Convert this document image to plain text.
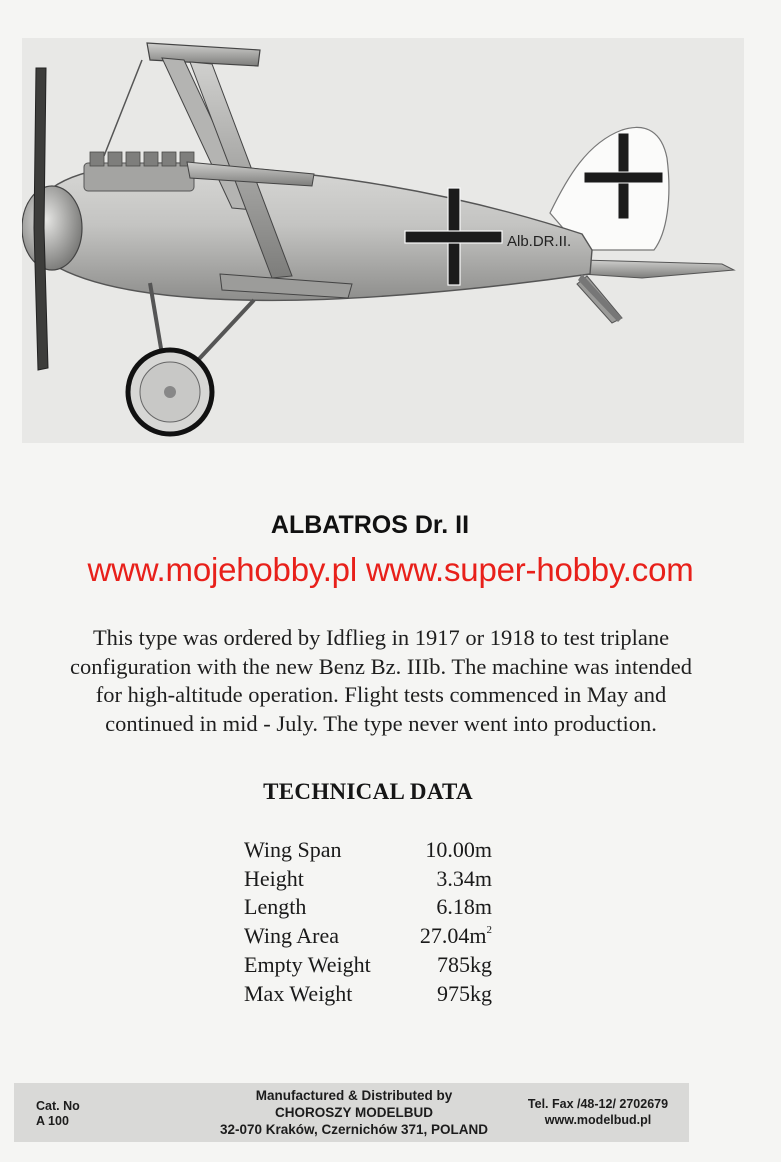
Alb.DR.II.
ALBATROS Dr. II
www.mojehobby.pl www.super-hobby.com
This type was ordered by Idflieg in 1917 or 1918 to test triplane
configuration with the new Benz Bz. IIIb. The machine was intended
for high-altitude operation. Flight tests commenced in May and
continued in mid - July. The type never went into production.
TECHNICAL DATA
Wing Span	10.00m
Height	3.34m
Length	6.18m
Wing Area	$27.04m^2$
Empty Weight	785kg
Max Weight	975kg
Cat. No
A 100
Manufactured & Distributed by
CHOROSZY MODELBUD
32-070 Kraków, Czernichów 371, POLAND
Tel. Fax /48-12/ 2702679
www.modelbud.pl
